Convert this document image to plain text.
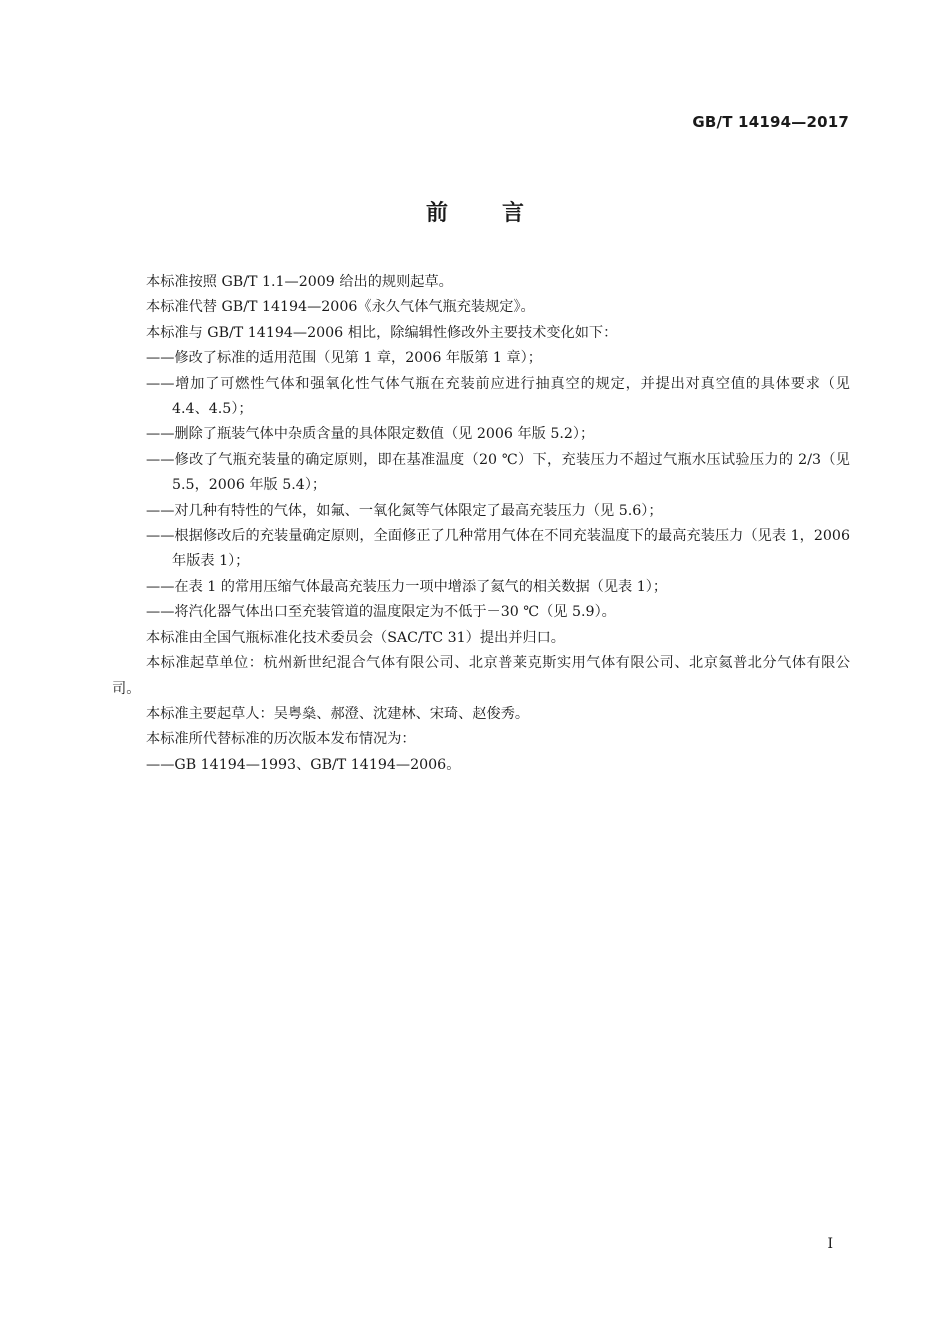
GB/T 14194—2017
前言
本标准按照 GB/T 1.1—2009 给出的规则起草。
本标准代替 GB/T 14194—2006《永久气体气瓶充装规定》。
本标准与 GB/T 14194—2006 相比，除编辑性修改外主要技术变化如下：
——修改了标准的适用范围（见第 1 章，2006 年版第 1 章）；
——增加了可燃性气体和强氧化性气体气瓶在充装前应进行抽真空的规定，并提出对真空值的具体要求（见 4.4、4.5）；
——删除了瓶装气体中杂质含量的具体限定数值（见 2006 年版 5.2）；
——修改了气瓶充装量的确定原则，即在基准温度（20 ℃）下，充装压力不超过气瓶水压试验压力的 2/3（见 5.5，2006 年版 5.4）；
——对几种有特性的气体，如氟、一氧化氮等气体限定了最高充装压力（见 5.6）；
——根据修改后的充装量确定原则，全面修正了几种常用气体在不同充装温度下的最高充装压力（见表 1，2006 年版表 1）；
——在表 1 的常用压缩气体最高充装压力一项中增添了氦气的相关数据（见表 1）；
——将汽化器气体出口至充装管道的温度限定为不低于－30 ℃（见 5.9）。
本标准由全国气瓶标准化技术委员会（SAC/TC 31）提出并归口。
本标准起草单位：杭州新世纪混合气体有限公司、北京普莱克斯实用气体有限公司、北京氦普北分气体有限公司。
本标准主要起草人：吴粤燊、郝澄、沈建林、宋琦、赵俊秀。
本标准所代替标准的历次版本发布情况为：
——GB 14194—1993、GB/T 14194—2006。
I
